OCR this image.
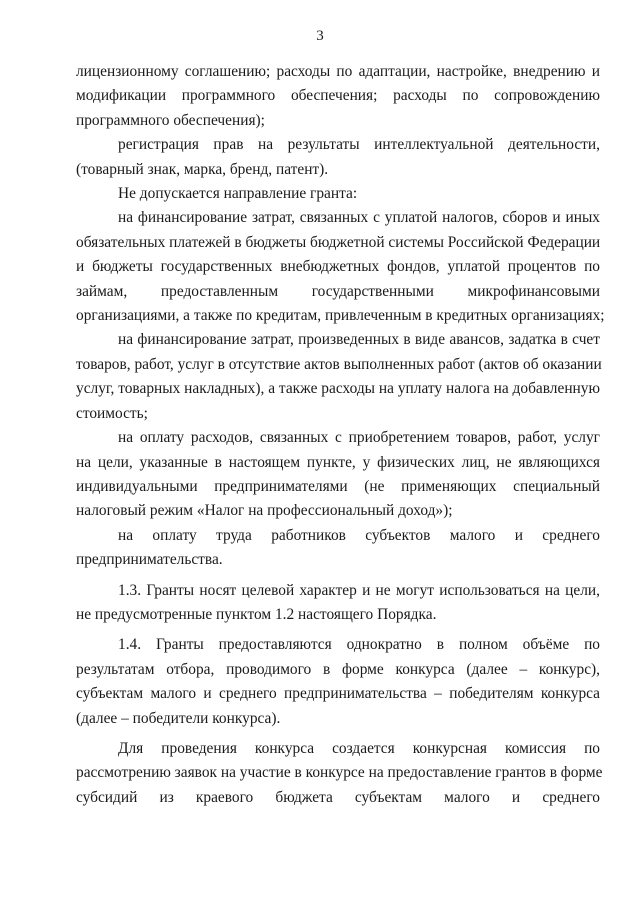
3

лицензионному соглашению; расходы по адаптации, настройке, внедрению и
модификации программного обеспечения; расходы по сопровождению
программного обеспечения);

регистрация прав на результаты интеллектуальной деятельности,
(товарный знак, марка, бренд, патент).

Не допускается направление гранта:

на финансирование затрат, связанных с уплатой налогов, сборов и иных
обязательных платежей в бюджеты бюджетной системы Российской Федерации
и бюджеты государственных внебюджетных фондов, уплатой процентов по
займам, предоставленным государственными микрофинансовыми
организациями, а также по кредитам, привлеченным в кредитных организациях;

на финансирование затрат, произведенных в виде авансов, задатка в счет
товаров, работ, услуг в отсутствие актов выполненных работ (актов об оказании
услуг, товарных накладных), а также расходы на уплату налога на добавленную
стоимость;

на оплату расходов, связанных с приобретением товаров, работ, услуг
на цели, указанные в настоящем пункте, у физических лиц, не являющихся
индивидуальными предпринимателями (не применяющих специальный
налоговый режим «Налог на профессиональный доход»);

на оплату труда работников субъектов малого и среднего
предпринимательства.

1.3. Гранты носят целевой характер и не могут использоваться на цели,
не предусмотренные пунктом 1.2 настоящего Порядка.

1.4. Гранты предоставляются однократно в полном объёме по
результатам отбора, проводимого в форме конкурса (далее – конкурс),
субъектам малого и среднего предпринимательства – победителям конкурса
(далее – победители конкурса).

Для проведения конкурса создается конкурсная комиссия по
рассмотрению заявок на участие в конкурсе на предоставление грантов в форме
субсидий из краевого бюджета субъектам малого и среднего
